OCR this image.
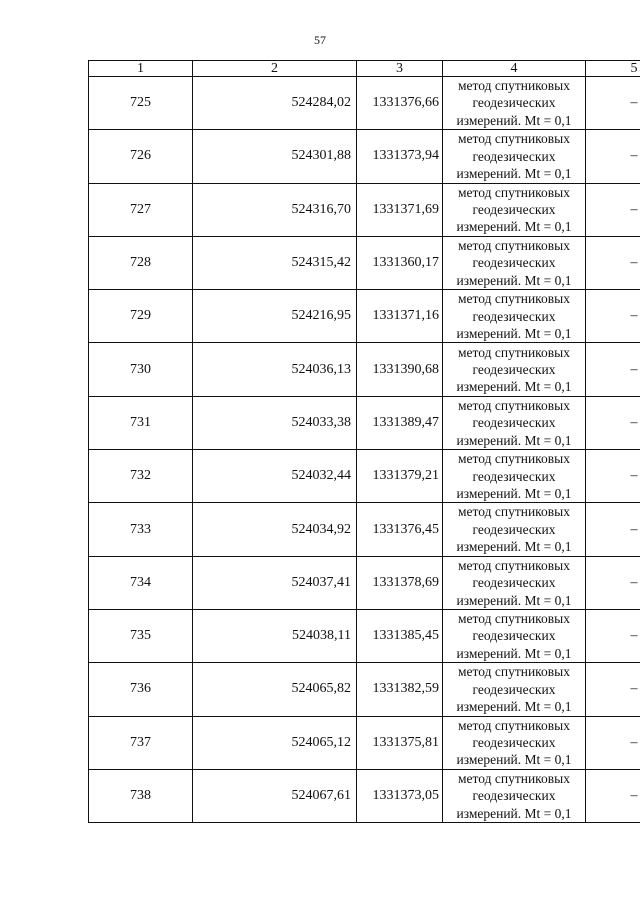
57
1	2	3	4	5
725	524284,02	1331376,66	метод спутниковых
геодезических
измерений. Mt = 0,1	–
726	524301,88	1331373,94	метод спутниковых
геодезических
измерений. Mt = 0,1	–
727	524316,70	1331371,69	метод спутниковых
геодезических
измерений. Mt = 0,1	–
728	524315,42	1331360,17	метод спутниковых
геодезических
измерений. Mt = 0,1	–
729	524216,95	1331371,16	метод спутниковых
геодезических
измерений. Mt = 0,1	–
730	524036,13	1331390,68	метод спутниковых
геодезических
измерений. Mt = 0,1	–
731	524033,38	1331389,47	метод спутниковых
геодезических
измерений. Mt = 0,1	–
732	524032,44	1331379,21	метод спутниковых
геодезических
измерений. Mt = 0,1	–
733	524034,92	1331376,45	метод спутниковых
геодезических
измерений. Mt = 0,1	–
734	524037,41	1331378,69	метод спутниковых
геодезических
измерений. Mt = 0,1	–
735	524038,11	1331385,45	метод спутниковых
геодезических
измерений. Mt = 0,1	–
736	524065,82	1331382,59	метод спутниковых
геодезических
измерений. Mt = 0,1	–
737	524065,12	1331375,81	метод спутниковых
геодезических
измерений. Mt = 0,1	–
738	524067,61	1331373,05	метод спутниковых
геодезических
измерений. Mt = 0,1	–
